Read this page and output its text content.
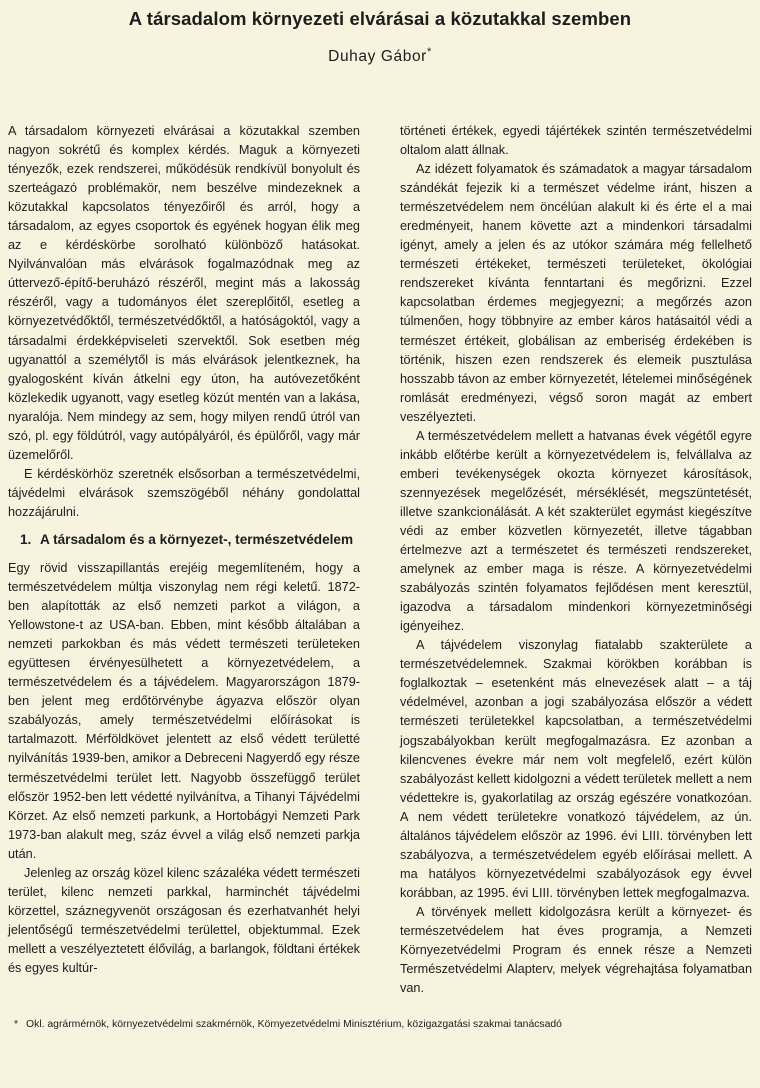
A társadalom környezeti elvárásai a közutakkal szemben
Duhay Gábor*

A társadalom környezeti elvárásai a közutakkal szemben nagyon sokrétű és komplex kérdés. Maguk a környezeti tényezők, ezek rendszerei, működésük rendkívül bonyolult és szerteágazó problémakör, nem beszélve mindezeknek a közutakkal kapcsolatos tényezőiről és arról, hogy a társadalom, az egyes csoportok és egyének hogyan élik meg az e kérdéskörbe sorolható különböző hatásokat. Nyilvánvalóan más elvárások fogalmazódnak meg az úttervező-építő-beruházó részéről, megint más a lakosság részéről, vagy a tudományos élet szereplőitől, esetleg a környezetvédőktől, természetvédőktől, a hatóságoktól, vagy a társadalmi érdekképviseleti szervektől. Sok esetben még ugyanattól a személytől is más elvárások jelentkeznek, ha gyalogosként kíván átkelni egy úton, ha autóvezetőként közlekedik ugyanott, vagy esetleg közút mentén van a lakása, nyaralója. Nem mindegy az sem, hogy milyen rendű útról van szó, pl. egy földútról, vagy autópályáról, és épülőről, vagy már üzemelőről.

E kérdéskörhöz szeretnék elsősorban a természetvédelmi, tájvédelmi elvárások szemszögéből néhány gondolattal hozzájárulni.

1. A társadalom és a környezet-, természetvédelem

Egy rövid visszapillantás erejéig megemlíteném, hogy a természetvédelem múltja viszonylag nem régi keletű. 1872-ben alapították az első nemzeti parkot a világon, a Yellowstone-t az USA-ban. Ebben, mint később általában a nemzeti parkokban és más védett természeti területeken együttesen érvényesülhetett a környezetvédelem, a természetvédelem és a tájvédelem. Magyarországon 1879-ben jelent meg erdőtörvénybe ágyazva először olyan szabályozás, amely természetvédelmi előírásokat is tartalmazott. Mérföldkövet jelentett az első védett területté nyilvánítás 1939-ben, amikor a Debreceni Nagyerdő egy része természetvédelmi terület lett. Nagyobb összefüggő terület először 1952-ben lett védetté nyilvánítva, a Tihanyi Tájvédelmi Körzet. Az első nemzeti parkunk, a Hortobágyi Nemzeti Park 1973-ban alakult meg, száz évvel a világ első nemzeti parkja után.

Jelenleg az ország közel kilenc százaléka védett természeti terület, kilenc nemzeti parkkal, harminchét tájvédelmi körzettel, száznegyvenöt országosan és ezerhatvanhét helyi jelentőségű természetvédelmi területtel, objektummal. Ezek mellett a veszélyeztetett élővilág, a barlangok, földtani értékek és egyes kultúr-

történeti értékek, egyedi tájértékek szintén természetvédelmi oltalom alatt állnak.

Az idézett folyamatok és számadatok a magyar társadalom szándékát fejezik ki a természet védelme iránt, hiszen a természetvédelem nem öncélúan alakult ki és érte el a mai eredményeit, hanem követte azt a mindenkori társadalmi igényt, amely a jelen és az utókor számára még fellelhető természeti értékeket, természeti területeket, ökológiai rendszereket kívánta fenntartani és megőrizni. Ezzel kapcsolatban érdemes megjegyezni; a megőrzés azon túlmenően, hogy többnyire az ember káros hatásaitól védi a természet értékeit, globálisan az emberiség érdekében is történik, hiszen ezen rendszerek és elemeik pusztulása hosszabb távon az ember környezetét, lételemei minőségének romlását eredményezi, végső soron magát az embert veszélyezteti.

A természetvédelem mellett a hatvanas évek végétől egyre inkább előtérbe került a környezetvédelem is, felvállalva az emberi tevékenységek okozta környezet károsítások, szennyezések megelőzését, mérséklését, megszüntetését, illetve szankcionálását. A két szakterület egymást kiegészítve védi az ember közvetlen környezetét, illetve tágabban értelmezve azt a természetet és természeti rendszereket, amelynek az ember maga is része. A környezetvédelmi szabályozás szintén folyamatos fejlődésen ment keresztül, igazodva a társadalom mindenkori környezetminőségi igényeihez.

A tájvédelem viszonylag fiatalabb szakterülete a természetvédelemnek. Szakmai körökben korábban is foglalkoztak – esetenként más elnevezések alatt – a táj védelmével, azonban a jogi szabályozása először a védett természeti területekkel kapcsolatban, a természetvédelmi jogszabályokban került megfogalmazásra. Ez azonban a kilencvenes évekre már nem volt megfelelő, ezért külön szabályozást kellett kidolgozni a védett területek mellett a nem védettekre is, gyakorlatilag az ország egészére vonatkozóan. A nem védett területekre vonatkozó tájvédelem, az ún. általános tájvédelem először az 1996. évi LIII. törvényben lett szabályozva, a természetvédelem egyéb előírásai mellett. A ma hatályos környezetvédelmi szabályozások egy évvel korábban, az 1995. évi LIII. törvényben lettek megfogalmazva.

A törvények mellett kidolgozásra került a környezet- és természetvédelem hat éves programja, a Nemzeti Környezetvédelmi Program és ennek része a Nemzeti Természetvédelmi Alapterv, melyek végrehajtása folyamatban van.

* Okl. agrármérnök, környezetvédelmi szakmérnök, Környezetvédelmi Minisztérium, közigazgatási szakmai tanácsadó
